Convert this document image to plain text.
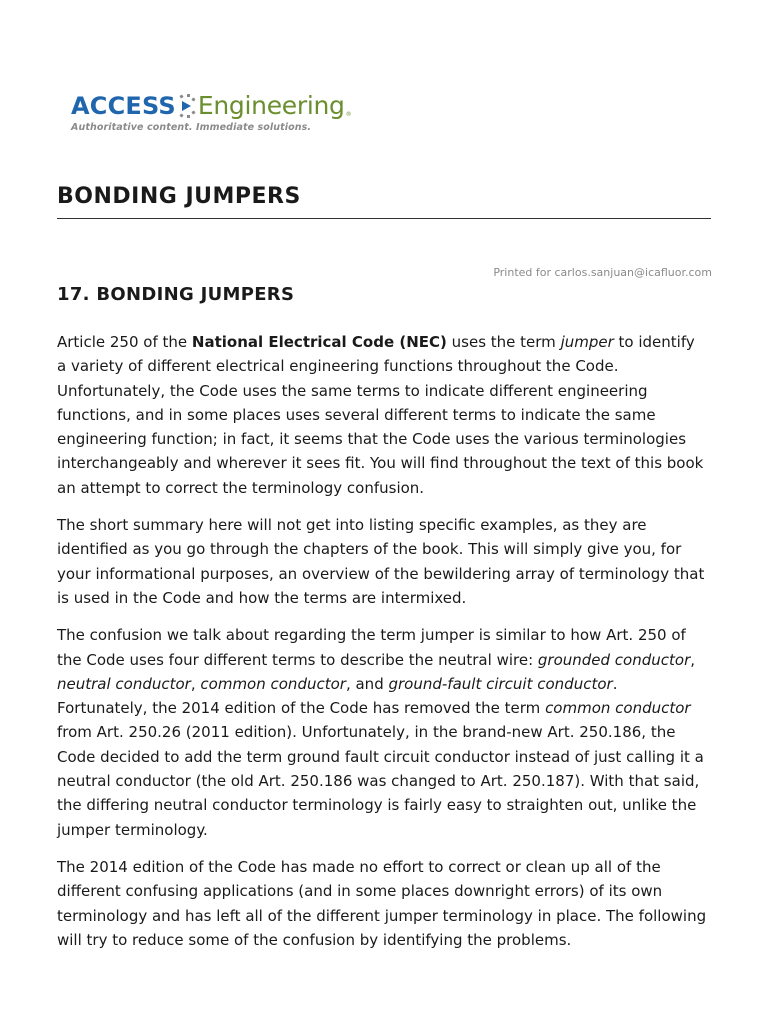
ACCESS Engineering ®
Authoritative content. Immediate solutions.
BONDING JUMPERS
Printed for carlos.sanjuan@icafluor.com
17. BONDING JUMPERS

Article 250 of the National Electrical Code (NEC) uses the term jumper to identify a variety of different electrical engineering functions throughout the Code. Unfortunately, the Code uses the same terms to indicate different engineering functions, and in some places uses several different terms to indicate the same engineering function; in fact, it seems that the Code uses the various terminologies interchangeably and wherever it sees fit. You will find throughout the text of this book an attempt to correct the terminology confusion.

The short summary here will not get into listing specific examples, as they are identified as you go through the chapters of the book. This will simply give you, for your informational purposes, an overview of the bewildering array of terminology that is used in the Code and how the terms are intermixed.

The confusion we talk about regarding the term jumper is similar to how Art. 250 of the Code uses four different terms to describe the neutral wire: grounded conductor, neutral conductor, common conductor, and ground-fault circuit conductor. Fortunately, the 2014 edition of the Code has removed the term common conductor from Art. 250.26 (2011 edition). Unfortunately, in the brand-new Art. 250.186, the Code decided to add the term ground fault circuit conductor instead of just calling it a neutral conductor (the old Art. 250.186 was changed to Art. 250.187). With that said, the differing neutral conductor terminology is fairly easy to straighten out, unlike the jumper terminology.

The 2014 edition of the Code has made no effort to correct or clean up all of the different confusing applications (and in some places downright errors) of its own terminology and has left all of the different jumper terminology in place. The following will try to reduce some of the confusion by identifying the problems.
